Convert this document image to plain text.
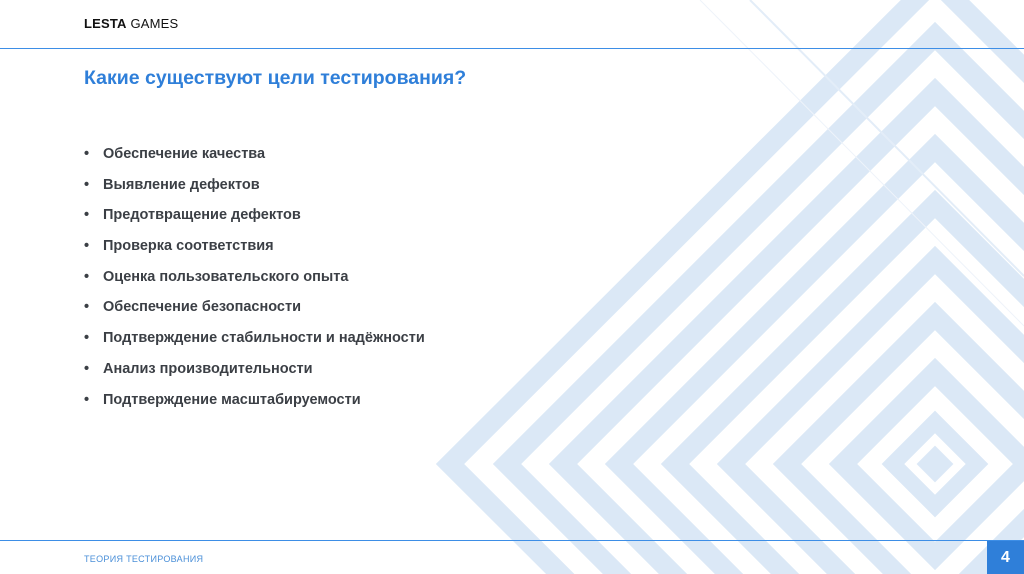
LESTA GAMES
Какие существуют цели тестирования?
• Обеспечение качества
• Выявление дефектов
• Предотвращение дефектов
• Проверка соответствия
• Оценка пользовательского опыта
• Обеспечение безопасности
• Подтверждение стабильности и надёжности
• Анализ производительности
• Подтверждение масштабируемости
ТЕОРИЯ ТЕСТИРОВАНИЯ	4
